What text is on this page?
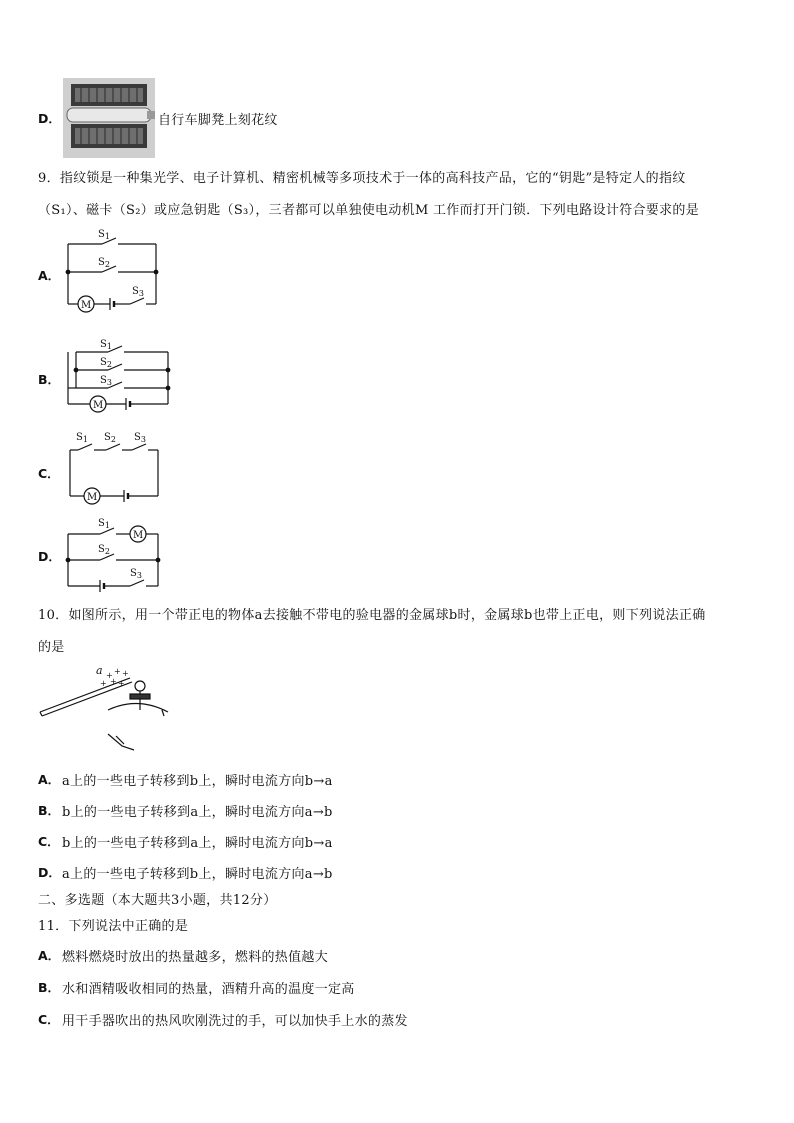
D．	自行车脚凳上刻花纹
9．指纹锁是一种集光学、电子计算机、精密机械等多项技术于一体的高科技产品，它的“钥匙”是特定人的指纹
（S₁）、磁卡（S₂）或应急钥匙（S₃），三者都可以单独使电动机M 工作而打开门锁．下列电路设计符合要求的是
A．
M
$S_1$
$S_2$
$S_3$
B．
M
$S_1$
$S_2$
$S_3$
C．
M
$S_1$ $S_2$ $S_3$
D．
M
$S_1$
$S_2$
$S_3$
10．如图所示，用一个带正电的物体a去接触不带电的验电器的金属球b时，金属球b也带上正电，则下列说法正确
的是
a + + +
+ + +
A． a上的一些电子转移到b上，瞬时电流方向b→a
B． b上的一些电子转移到a上，瞬时电流方向a→b
C． b上的一些电子转移到a上，瞬时电流方向b→a
D． a上的一些电子转移到b上，瞬时电流方向a→b
二、多选题（本大题共3小题，共12分）
11．下列说法中正确的是
A． 燃料燃烧时放出的热量越多，燃料的热值越大
B． 水和酒精吸收相同的热量，酒精升高的温度一定高
C． 用干手器吹出的热风吹刚洗过的手，可以加快手上水的蒸发
